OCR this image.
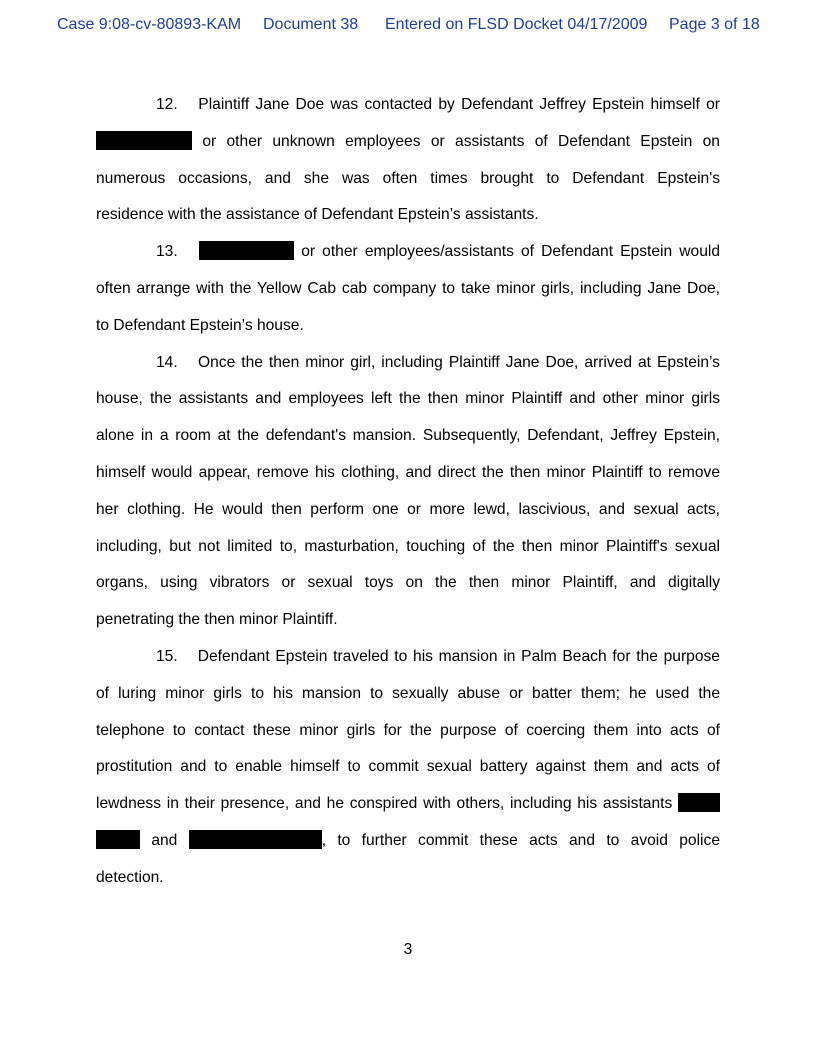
Case 9:08-cv-80893-KAM Document 38 Entered on FLSD Docket 04/17/2009 Page 3 of 18
12. Plaintiff Jane Doe was contacted by Defendant Jeffrey Epstein himself or
or other unknown employees or assistants of Defendant Epstein on
numerous occasions, and she was often times brought to Defendant Epstein's
residence with the assistance of Defendant Epstein’s assistants.
13.	or other employees/assistants of Defendant Epstein would
often arrange with the Yellow Cab cab company to take minor girls, including Jane Doe,
to Defendant Epstein’s house.
14. Once the then minor girl, including Plaintiff Jane Doe, arrived at Epstein’s
house, the assistants and employees left the then minor Plaintiff and other minor girls
alone in a room at the defendant's mansion. Subsequently, Defendant, Jeffrey Epstein,
himself would appear, remove his clothing, and direct the then minor Plaintiff to remove
her clothing. He would then perform one or more lewd, lascivious, and sexual acts,
including, but not limited to, masturbation, touching of the then minor Plaintiff's sexual
organs, using vibrators or sexual toys on the then minor Plaintiff, and digitally
penetrating the then minor Plaintiff.
15. Defendant Epstein traveled to his mansion in Palm Beach for the purpose
of luring minor girls to his mansion to sexually abuse or batter them; he used the
telephone to contact these minor girls for the purpose of coercing them into acts of
prostitution and to enable himself to commit sexual battery against them and acts of
lewdness in their presence, and he conspired with others, including his assistants
and	, to further commit these acts and to avoid police
detection.
3
